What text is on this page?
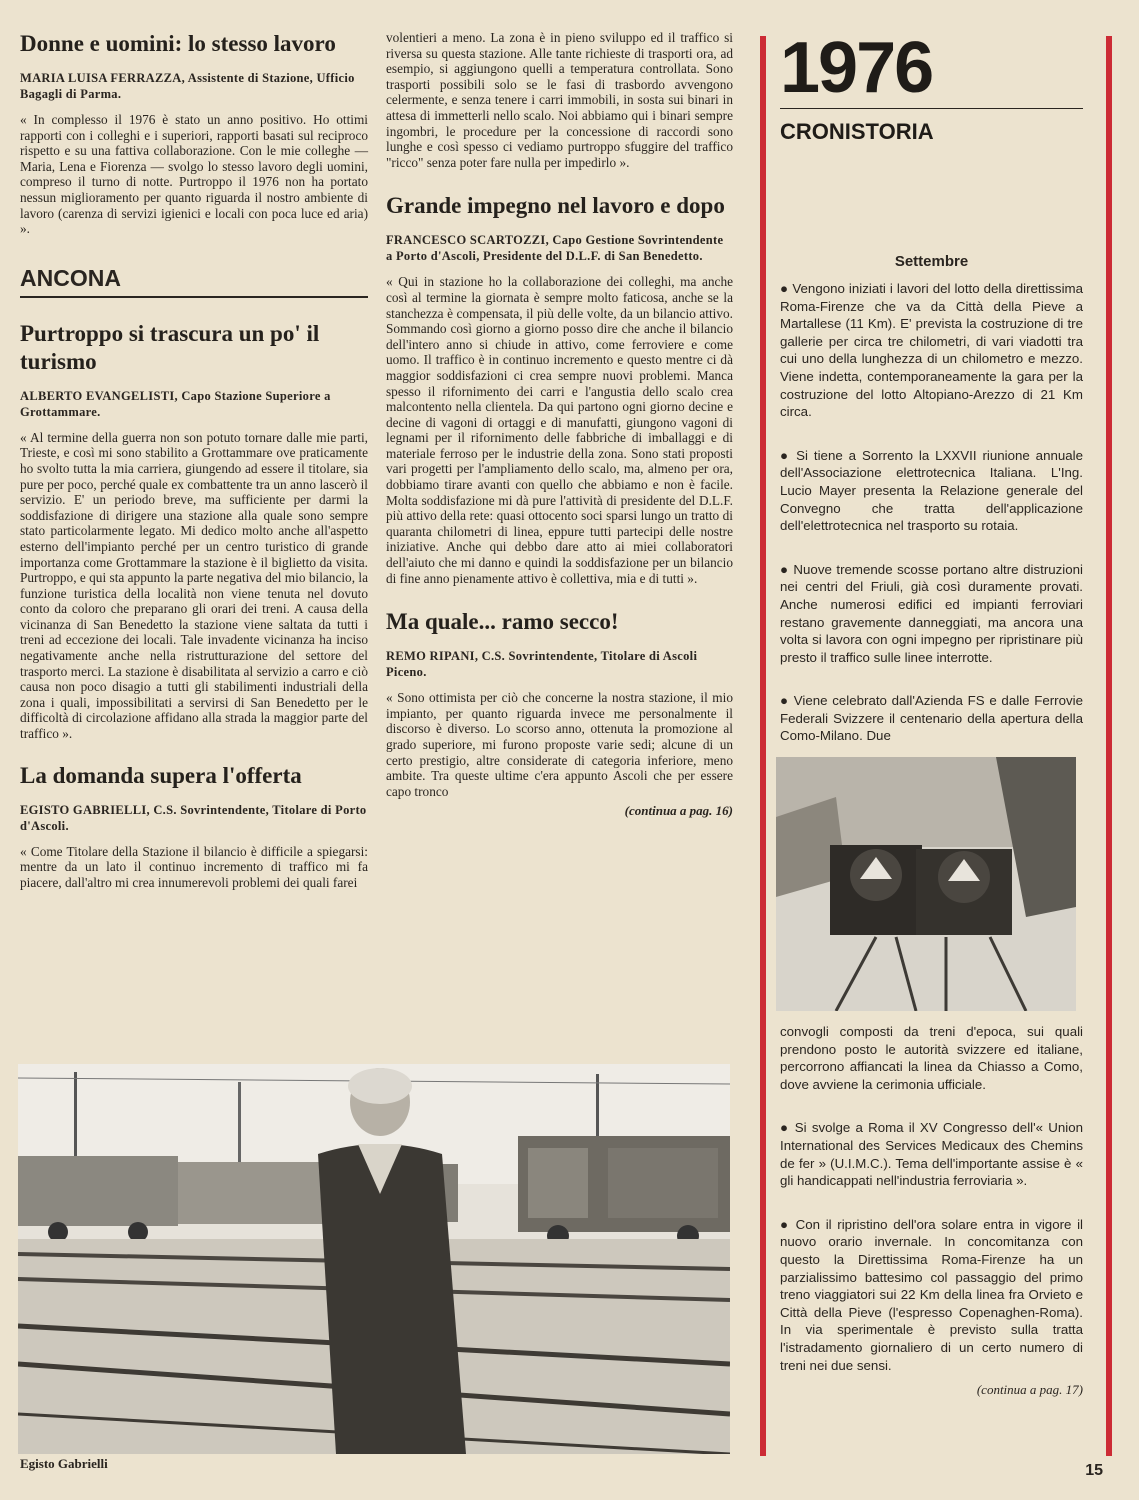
Donne e uomini: lo stesso lavoro

MARIA LUISA FERRAZZA, Assistente di Stazione, Ufficio Bagagli di Parma.

« In complesso il 1976 è stato un anno positivo. Ho ottimi rapporti con i colleghi e i superiori, rapporti basati sul reciproco rispetto e su una fattiva collaborazione. Con le mie colleghe — Maria, Lena e Fiorenza — svolgo lo stesso lavoro degli uomini, compreso il turno di notte. Purtroppo il 1976 non ha portato nessun miglioramento per quanto riguarda il nostro ambiente di lavoro (carenza di servizi igienici e locali con poca luce ed aria) ».

ANCONA
Purtroppo si trascura un po' il turismo

ALBERTO EVANGELISTI, Capo Stazione Superiore a Grottammare.

« Al termine della guerra non son potuto tornare dalle mie parti, Trieste, e così mi sono stabilito a Grottammare ove praticamente ho svolto tutta la mia carriera, giungendo ad essere il titolare, sia pure per poco, perché quale ex combattente tra un anno lascerò il servizio. E' un periodo breve, ma sufficiente per darmi la soddisfazione di dirigere una stazione alla quale sono sempre stato particolarmente legato. Mi dedico molto anche all'aspetto esterno dell'impianto perché per un centro turistico di grande importanza come Grottammare la stazione è il biglietto da visita. Purtroppo, e qui sta appunto la parte negativa del mio bilancio, la funzione turistica della località non viene tenuta nel dovuto conto da coloro che preparano gli orari dei treni. A causa della vicinanza di San Benedetto la stazione viene saltata da tutti i treni ad eccezione dei locali. Tale invadente vicinanza ha inciso negativamente anche nella ristrutturazione del settore del trasporto merci. La stazione è disabilitata al servizio a carro e ciò causa non poco disagio a tutti gli stabilimenti industriali della zona i quali, impossibilitati a servirsi di San Benedetto per le difficoltà di circolazione affidano alla strada la maggior parte del traffico ».

La domanda supera l'offerta

EGISTO GABRIELLI, C.S. Sovrintendente, Titolare di Porto d'Ascoli.

« Come Titolare della Stazione il bilancio è difficile a spiegarsi: mentre da un lato il continuo incremento di traffico mi fa piacere, dall'altro mi crea innumerevoli problemi dei quali farei

volentieri a meno. La zona è in pieno sviluppo ed il traffico si riversa su questa stazione. Alle tante richieste di trasporti ora, ad esempio, si aggiungono quelli a temperatura controllata. Sono trasporti possibili solo se le fasi di trasbordo avvengono celermente, e senza tenere i carri immobili, in sosta sui binari in attesa di immetterli nello scalo. Noi abbiamo qui i binari sempre ingombri, le procedure per la concessione di raccordi sono lunghe e così spesso ci vediamo purtroppo sfuggire del traffico "ricco" senza poter fare nulla per impedirlo ».

Grande impegno nel lavoro e dopo

FRANCESCO SCARTOZZI, Capo Gestione Sovrintendente a Porto d'Ascoli, Presidente del D.L.F. di San Benedetto.

« Qui in stazione ho la collaborazione dei colleghi, ma anche così al termine la giornata è sempre molto faticosa, anche se la stanchezza è compensata, il più delle volte, da un bilancio attivo. Sommando così giorno a giorno posso dire che anche il bilancio dell'intero anno si chiude in attivo, come ferroviere e come uomo. Il traffico è in continuo incremento e questo mentre ci dà maggior soddisfazioni ci crea sempre nuovi problemi. Manca spesso il rifornimento dei carri e l'angustia dello scalo crea malcontento nella clientela. Da qui partono ogni giorno decine e decine di vagoni di ortaggi e di manufatti, giungono vagoni di legnami per il rifornimento delle fabbriche di imballaggi e di materiale ferroso per le industrie della zona. Sono stati proposti vari progetti per l'ampliamento dello scalo, ma, almeno per ora, dobbiamo tirare avanti con quello che abbiamo e non è facile. Molta soddisfazione mi dà pure l'attività di presidente del D.L.F. più attivo della rete: quasi ottocento soci sparsi lungo un tratto di quaranta chilometri di linea, eppure tutti partecipi delle nostre iniziative. Anche qui debbo dare atto ai miei collaboratori dell'aiuto che mi danno e quindi la soddisfazione per un bilancio di fine anno pienamente attivo è collettiva, mia e di tutti ».

Ma quale... ramo secco!

REMO RIPANI, C.S. Sovrintendente, Titolare di Ascoli Piceno.

« Sono ottimista per ciò che concerne la nostra stazione, il mio impianto, per quanto riguarda invece me personalmente il discorso è diverso. Lo scorso anno, ottenuta la promozione al grado superiore, mi furono proposte varie sedi; alcune di un certo prestigio, altre considerate di categoria inferiore, meno ambite. Tra queste ultime c'era appunto Ascoli che per essere capo tronco

(continua a pag. 16)
Egisto Gabrielli
1976
CRONISTORIA
Settembre

● Vengono iniziati i lavori del lotto della direttissima Roma-Firenze che va da Città della Pieve a Martallese (11 Km). E' prevista la costruzione di tre gallerie per circa tre chilometri, di vari viadotti tra cui uno della lunghezza di un chilometro e mezzo. Viene indetta, contemporaneamente la gara per la costruzione del lotto Altopiano-Arezzo di 21 Km circa.

● Si tiene a Sorrento la LXXVII riunione annuale dell'Associazione elettrotecnica Italiana. L'Ing. Lucio Mayer presenta la Relazione generale del Convegno che tratta dell'applicazione dell'elettrotecnica nel trasporto su rotaia.

● Nuove tremende scosse portano altre distruzioni nei centri del Friuli, già così duramente provati. Anche numerosi edifici ed impianti ferroviari restano gravemente danneggiati, ma ancora una volta si lavora con ogni impegno per ripristinare più presto il traffico sulle linee interrotte.

● Viene celebrato dall'Azienda FS e dalle Ferrovie Federali Svizzere il centenario della apertura della Como-Milano. Due

convogli composti da treni d'epoca, sui quali prendono posto le autorità svizzere ed italiane, percorrono affiancati la linea da Chiasso a Como, dove avviene la cerimonia ufficiale.

● Si svolge a Roma il XV Congresso dell'« Union International des Services Medicaux des Chemins de fer » (U.I.M.C.). Tema dell'importante assise è « gli handicappati nell'industria ferroviaria ».

● Con il ripristino dell'ora solare entra in vigore il nuovo orario invernale. In concomitanza con questo la Direttissima Roma-Firenze ha un parzialissimo battesimo col passaggio del primo treno viaggiatori sui 22 Km della linea fra Orvieto e Città della Pieve (l'espresso Copenaghen-Roma). In via sperimentale è previsto sulla tratta l'istradamento giornaliero di un certo numero di treni nei due sensi.

(continua a pag. 17)
15
